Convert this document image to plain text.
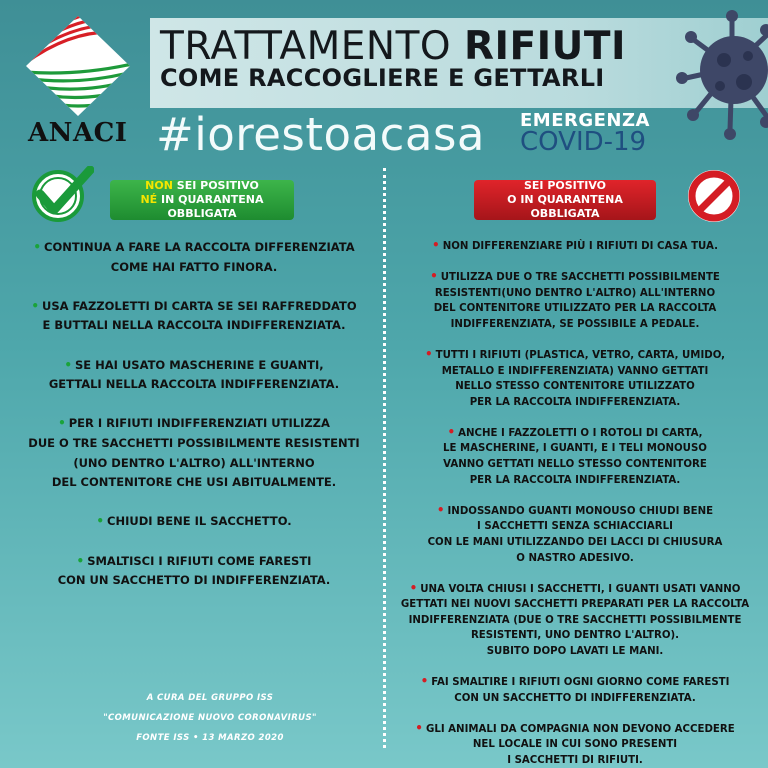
ANACI
TRATTAMENTO RIFIUTI
COME RACCOGLIERE E GETTARLI
#iorestoacasa EMERGENZA
COVID-19
NON SEI POSITIVO
NÉ IN QUARANTENA OBBLIGATA
SEI POSITIVO
O IN QUARANTENA OBBLIGATA
• CONTINUA A FARE LA RACCOLTA DIFFERENZIATA
COME HAI FATTO FINORA.
• USA FAZZOLETTI DI CARTA SE SEI RAFFREDDATO
E BUTTALI NELLA RACCOLTA INDIFFERENZIATA.
• SE HAI USATO MASCHERINE E GUANTI,
GETTALI NELLA RACCOLTA INDIFFERENZIATA.
• PER I RIFIUTI INDIFFERENZIATI UTILIZZA
DUE O TRE SACCHETTI POSSIBILMENTE RESISTENTI
(UNO DENTRO L'ALTRO) ALL'INTERNO
DEL CONTENITORE CHE USI ABITUALMENTE.
• CHIUDI BENE IL SACCHETTO.
• SMALTISCI I RIFIUTI COME FARESTI
CON UN SACCHETTO DI INDIFFERENZIATA.
• NON DIFFERENZIARE PIÙ I RIFIUTI DI CASA TUA.
• UTILIZZA DUE O TRE SACCHETTI POSSIBILMENTE
RESISTENTI(UNO DENTRO L'ALTRO) ALL'INTERNO
DEL CONTENITORE UTILIZZATO PER LA RACCOLTA
INDIFFERENZIATA, SE POSSIBILE A PEDALE.
• TUTTI I RIFIUTI (PLASTICA, VETRO, CARTA, UMIDO,
METALLO E INDIFFERENZIATA) VANNO GETTATI
NELLO STESSO CONTENITORE UTILIZZATO
PER LA RACCOLTA INDIFFERENZIATA.
• ANCHE I FAZZOLETTI O I ROTOLI DI CARTA,
LE MASCHERINE, I GUANTI, E I TELI MONOUSO
VANNO GETTATI NELLO STESSO CONTENITORE
PER LA RACCOLTA INDIFFERENZIATA.
• INDOSSANDO GUANTI MONOUSO CHIUDI BENE
I SACCHETTI SENZA SCHIACCIARLI
CON LE MANI UTILIZZANDO DEI LACCI DI CHIUSURA
O NASTRO ADESIVO.
• UNA VOLTA CHIUSI I SACCHETTI, I GUANTI USATI VANNO
GETTATI NEI NUOVI SACCHETTI PREPARATI PER LA RACCOLTA
INDIFFERENZIATA (DUE O TRE SACCHETTI POSSIBILMENTE
RESISTENTI, UNO DENTRO L'ALTRO).
SUBITO DOPO LAVATI LE MANI.
• FAI SMALTIRE I RIFIUTI OGNI GIORNO COME FARESTI
CON UN SACCHETTO DI INDIFFERENZIATA.
• GLI ANIMALI DA COMPAGNIA NON DEVONO ACCEDERE
NEL LOCALE IN CUI SONO PRESENTI
I SACCHETTI DI RIFIUTI.
A CURA DEL GRUPPO ISS
"COMUNICAZIONE NUOVO CORONAVIRUS"
FONTE ISS • 13 MARZO 2020
